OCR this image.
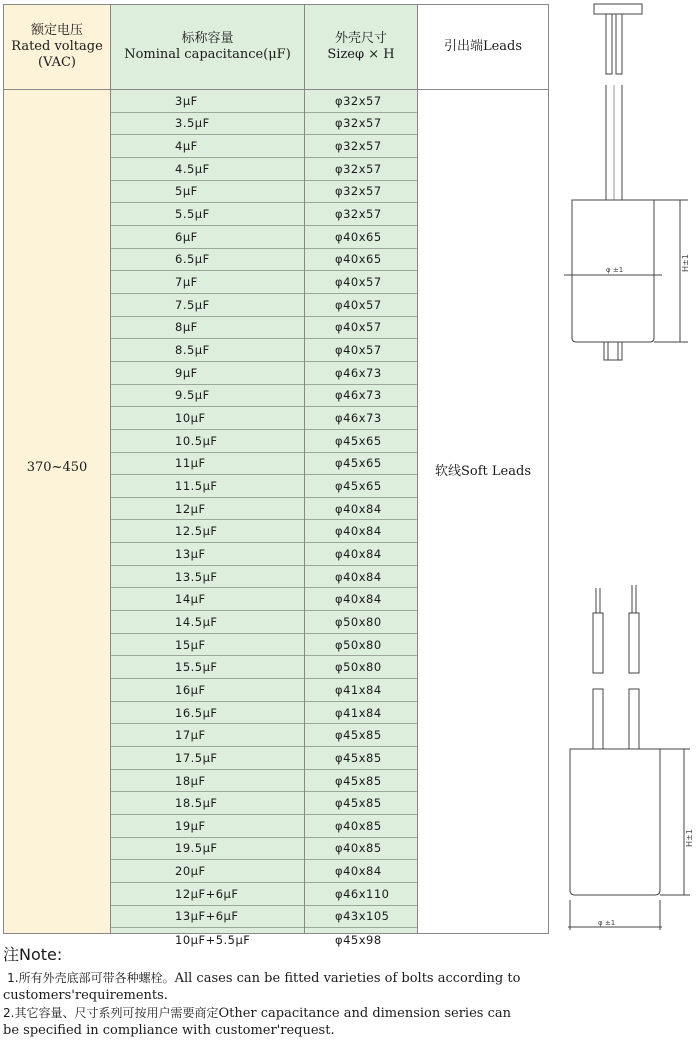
额定电压
Rated voltage
(VAC)
370~450
标称容量
Nominal capacitance(μF)
3μF
3.5μF
4μF
4.5μF
5μF
5.5μF
6μF
6.5μF
7μF
7.5μF
8μF
8.5μF
9μF
9.5μF
10μF
10.5μF
11μF
11.5μF
12μF
12.5μF
13μF
13.5μF
14μF
14.5μF
15μF
15.5μF
16μF
16.5μF
17μF
17.5μF
18μF
18.5μF
19μF
19.5μF
20μF
12μF+6μF
13μF+6μF
10μF+5.5μF
外壳尺寸
Sizeφ × H
φ32x57
φ32x57
φ32x57
φ32x57
φ32x57
φ32x57
φ40x65
φ40x65
φ40x57
φ40x57
φ40x57
φ40x57
φ46x73
φ46x73
φ46x73
φ45x65
φ45x65
φ45x65
φ40x84
φ40x84
φ40x84
φ40x84
φ40x84
φ50x80
φ50x80
φ50x80
φ41x84
φ41x84
φ45x85
φ45x85
φ45x85
φ45x85
φ40x85
φ40x85
φ40x84
φ46x110
φ43x105
φ45x98
引出端Leads
软线Soft Leads
φ ±1	H±1
φ ±1
H±1
注Note:

1.所有外壳底部可带各种螺栓。All cases can be fitted varieties of bolts according to customers'requirements.

2.其它容量、尺寸系列可按用户需要商定Other capacitance and dimension series can be specified in compliance with customer'request.
